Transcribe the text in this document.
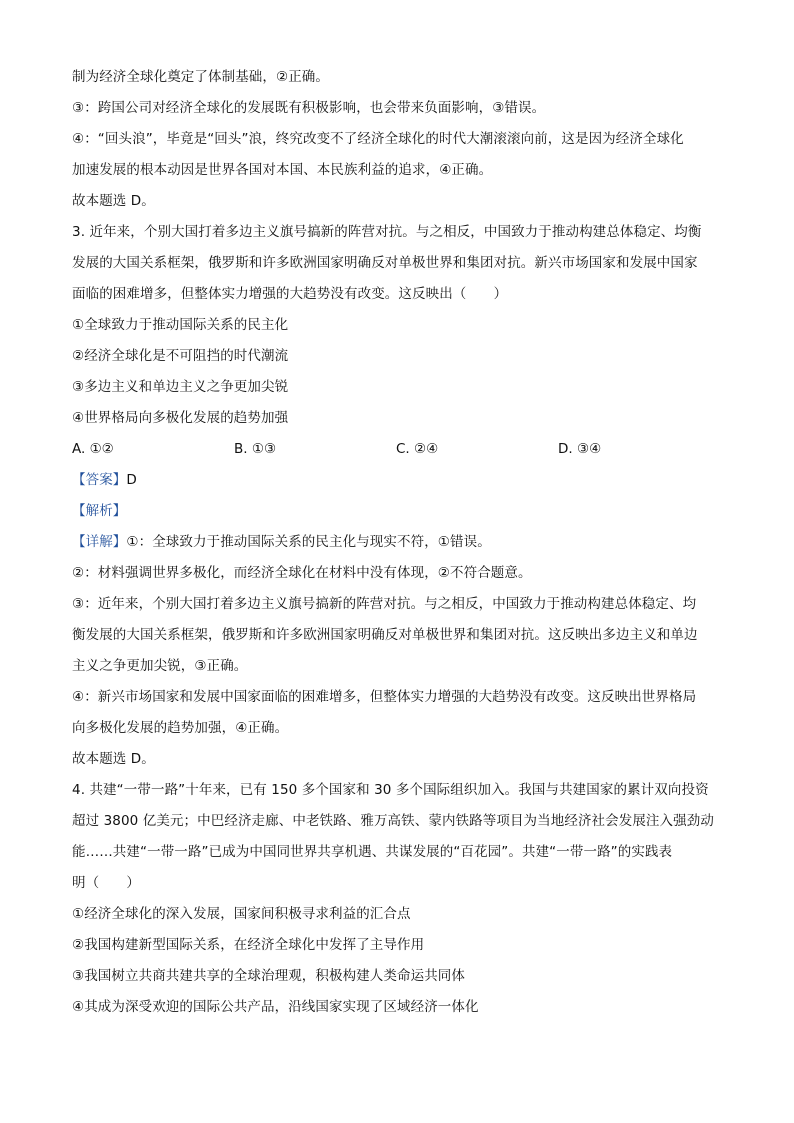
制为经济全球化奠定了体制基础，②正确。

③：跨国公司对经济全球化的发展既有积极影响，也会带来负面影响，③错误。

④：“回头浪”，毕竟是“回头”浪，终究改变不了经济全球化的时代大潮滚滚向前，这是因为经济全球化

加速发展的根本动因是世界各国对本国、本民族利益的追求，④正确。

故本题选 D。

3. 近年来，个别大国打着多边主义旗号搞新的阵营对抗。与之相反，中国致力于推动构建总体稳定、均衡

发展的大国关系框架，俄罗斯和许多欧洲国家明确反对单极世界和集团对抗。新兴市场国家和发展中国家

面临的困难增多，但整体实力增强的大趋势没有改变。这反映出（　　）

①全球致力于推动国际关系的民主化

②经济全球化是不可阻挡的时代潮流

③多边主义和单边主义之争更加尖锐

④世界格局向多极化发展的趋势加强

A. ①②	B. ①③	C. ②④	D. ③④

【答案】D

【解析】

【详解】①：全球致力于推动国际关系的民主化与现实不符，①错误。

②：材料强调世界多极化，而经济全球化在材料中没有体现，②不符合题意。

③：近年来，个别大国打着多边主义旗号搞新的阵营对抗。与之相反，中国致力于推动构建总体稳定、均

衡发展的大国关系框架，俄罗斯和许多欧洲国家明确反对单极世界和集团对抗。这反映出多边主义和单边

主义之争更加尖锐，③正确。

④：新兴市场国家和发展中国家面临的困难增多，但整体实力增强的大趋势没有改变。这反映出世界格局

向多极化发展的趋势加强，④正确。

故本题选 D。

4. 共建“一带一路”十年来，已有 150 多个国家和 30 多个国际组织加入。我国与共建国家的累计双向投资

超过 3800 亿美元；中巴经济走廊、中老铁路、雅万高铁、蒙内铁路等项目为当地经济社会发展注入强劲动

能……共建“一带一路”已成为中国同世界共享机遇、共谋发展的“百花园”。共建“一带一路”的实践表

明（　　）

①经济全球化的深入发展，国家间积极寻求利益的汇合点

②我国构建新型国际关系，在经济全球化中发挥了主导作用

③我国树立共商共建共享的全球治理观，积极构建人类命运共同体

④其成为深受欢迎的国际公共产品，沿线国家实现了区域经济一体化
